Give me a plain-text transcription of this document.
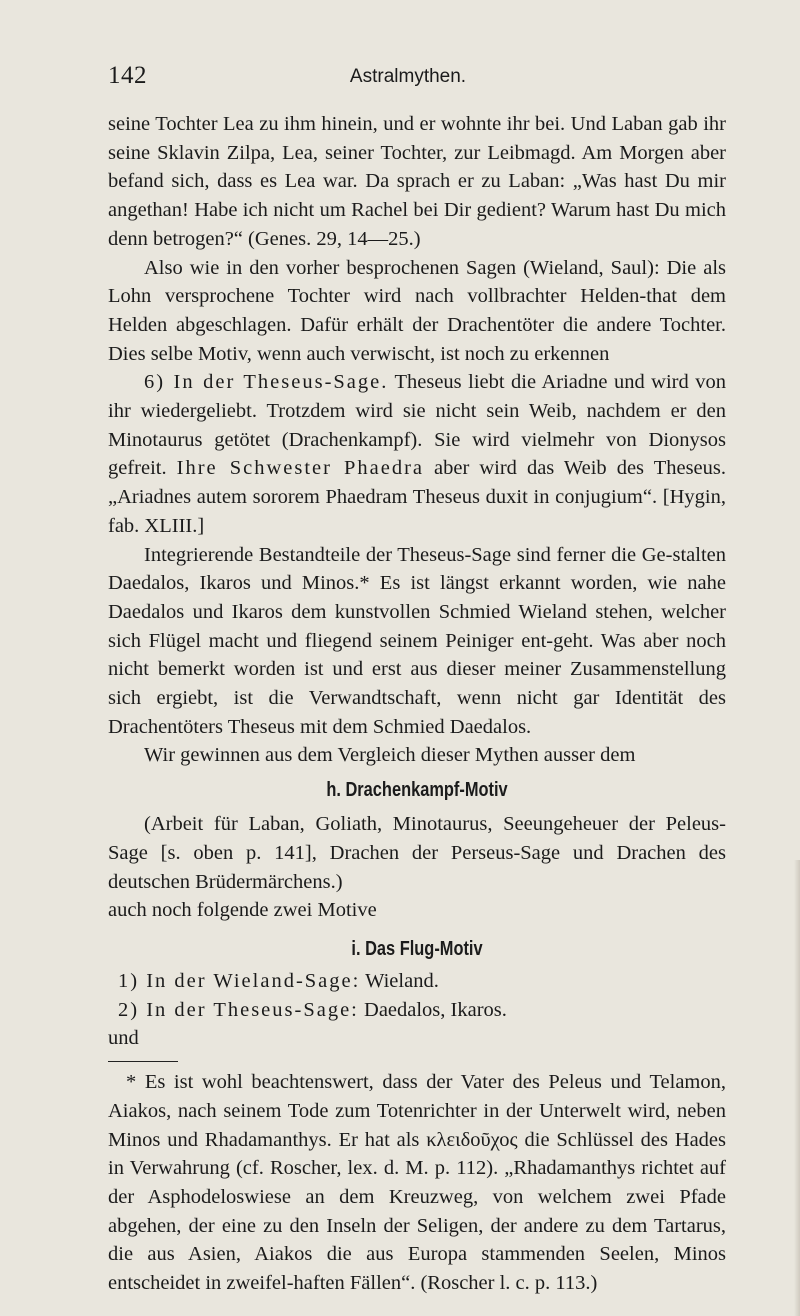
142	Astralmythen.

seine Tochter Lea zu ihm hinein, und er wohnte ihr bei. Und Laban gab ihr seine Sklavin Zilpa, Lea, seiner Tochter, zur Leibmagd. Am Morgen aber befand sich, dass es Lea war. Da sprach er zu Laban: „Was hast Du mir angethan! Habe ich nicht um Rachel bei Dir gedient? Warum hast Du mich denn betrogen?“ (Genes. 29, 14—25.)

Also wie in den vorher besprochenen Sagen (Wieland, Saul): Die als Lohn versprochene Tochter wird nach vollbrachter Helden-that dem Helden abgeschlagen. Dafür erhält der Drachentöter die andere Tochter. Dies selbe Motiv, wenn auch verwischt, ist noch zu erkennen

6) In der Theseus-Sage. Theseus liebt die Ariadne und wird von ihr wiedergeliebt. Trotzdem wird sie nicht sein Weib, nachdem er den Minotaurus getötet (Drachenkampf). Sie wird vielmehr von Dionysos gefreit. Ihre Schwester Phaedra aber wird das Weib des Theseus. „Ariadnes autem sororem Phaedram Theseus duxit in conjugium“. [Hygin, fab. XLIII.]

Integrierende Bestandteile der Theseus-Sage sind ferner die Ge-stalten Daedalos, Ikaros und Minos.* Es ist längst erkannt worden, wie nahe Daedalos und Ikaros dem kunstvollen Schmied Wieland stehen, welcher sich Flügel macht und fliegend seinem Peiniger ent-geht. Was aber noch nicht bemerkt worden ist und erst aus dieser meiner Zusammenstellung sich ergiebt, ist die Verwandtschaft, wenn nicht gar Identität des Drachentöters Theseus mit dem Schmied Daedalos.

Wir gewinnen aus dem Vergleich dieser Mythen ausser dem

h. Drachenkampf-Motiv

(Arbeit für Laban, Goliath, Minotaurus, Seeungeheuer der Peleus-Sage [s. oben p. 141], Drachen der Perseus-Sage und Drachen des deutschen Brüdermärchens.)

auch noch folgende zwei Motive

i. Das Flug-Motiv
1) In der Wieland-Sage: Wieland.
2) In der Theseus-Sage: Daedalos, Ikaros.

und

* Es ist wohl beachtenswert, dass der Vater des Peleus und Telamon, Aiakos, nach seinem Tode zum Totenrichter in der Unterwelt wird, neben Minos und Rhadamanthys. Er hat als κλειδοῦχος die Schlüssel des Hades in Verwahrung (cf. Roscher, lex. d. M. p. 112). „Rhadamanthys richtet auf der Asphodeloswiese an dem Kreuzweg, von welchem zwei Pfade abgehen, der eine zu den Inseln der Seligen, der andere zu dem Tartarus, die aus Asien, Aiakos die aus Europa stammenden Seelen, Minos entscheidet in zweifel-haften Fällen“. (Roscher l. c. p. 113.)
